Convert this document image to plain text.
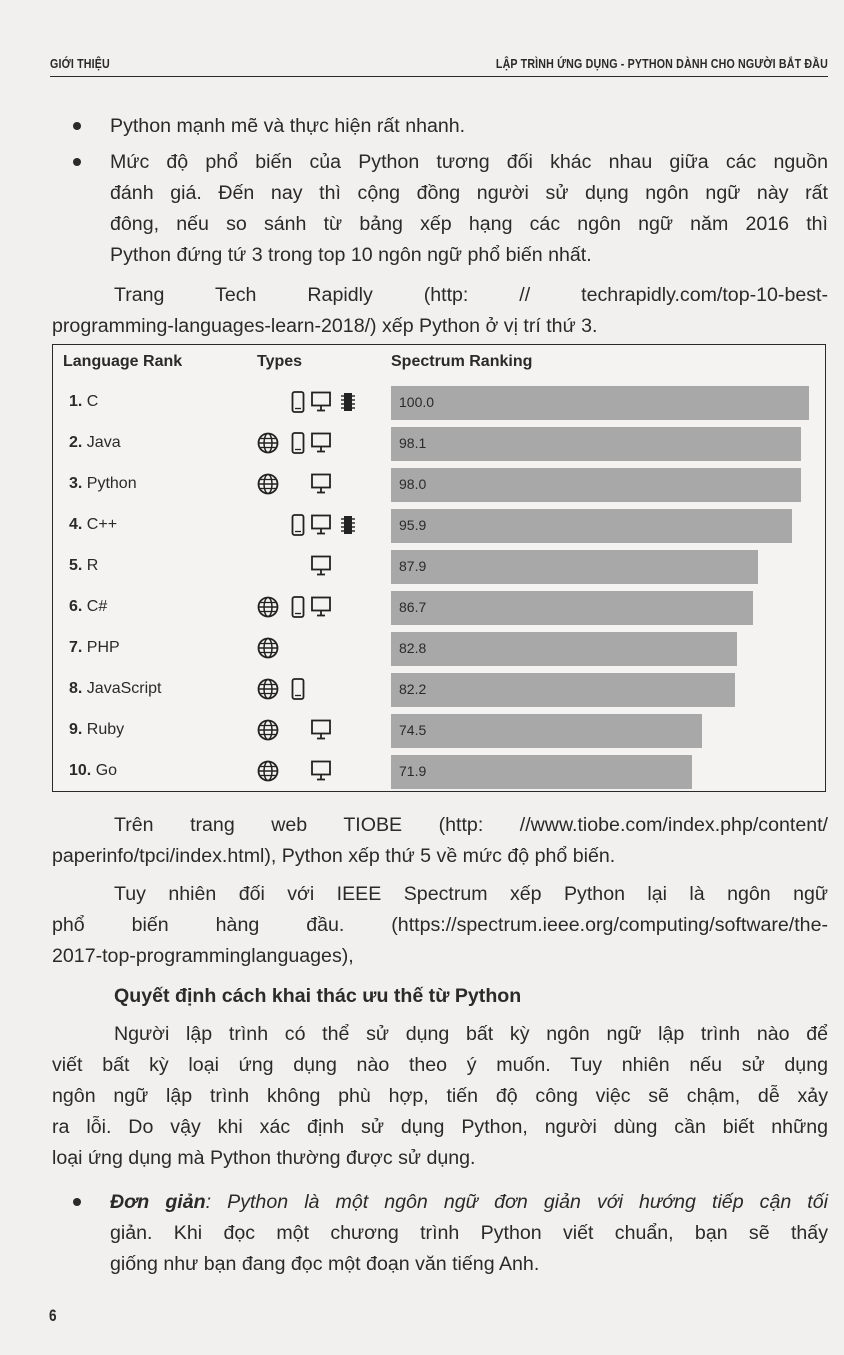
GIỚI THIỆU	LẬP TRÌNH ỨNG DỤNG - PYTHON DÀNH CHO NGƯỜI BẮT ĐẦU
Python mạnh mẽ và thực hiện rất nhanh.
Mức độ phổ biến của Python tương đối khác nhau giữa các nguồn
đánh giá. Đến nay thì cộng đồng người sử dụng ngôn ngữ này rất
đông, nếu so sánh từ bảng xếp hạng các ngôn ngữ năm 2016 thì
Python đứng tứ 3 trong top 10 ngôn ngữ phổ biến nhất.
Trang Tech Rapidly (http: // techrapidly.com/top-10-best-
programming-languages-learn-2018/) xếp Python ở vị trí thứ 3.
Language Rank	Types	Spectrum Ranking
1. C	100.0
2. Java	98.1
3. Python	98.0
4. C++	95.9
5. R	87.9
6. C#	86.7
7. PHP	82.8
8. JavaScript	82.2
9. Ruby	74.5
10. Go	71.9
Trên trang web TIOBE (http: //www.tiobe.com/index.php/content/
paperinfo/tpci/index.html), Python xếp thứ 5 về mức độ phổ biến.
Tuy nhiên đối với IEEE Spectrum xếp Python lại là ngôn ngữ
phổ biến hàng đầu. (https://spectrum.ieee.org/computing/software/the-
2017-top-programminglanguages),
Quyết định cách khai thác ưu thế từ Python
Người lập trình có thể sử dụng bất kỳ ngôn ngữ lập trình nào để
viết bất kỳ loại ứng dụng nào theo ý muốn. Tuy nhiên nếu sử dụng
ngôn ngữ lập trình không phù hợp, tiến độ công việc sẽ chậm, dễ xảy
ra lỗi. Do vậy khi xác định sử dụng Python, người dùng cần biết những
loại ứng dụng mà Python thường được sử dụng.
Đơn giản: Python là một ngôn ngữ đơn giản với hướng tiếp cận tối
giản. Khi đọc một chương trình Python viết chuẩn, bạn sẽ thấy
giống như bạn đang đọc một đoạn văn tiếng Anh.
6
